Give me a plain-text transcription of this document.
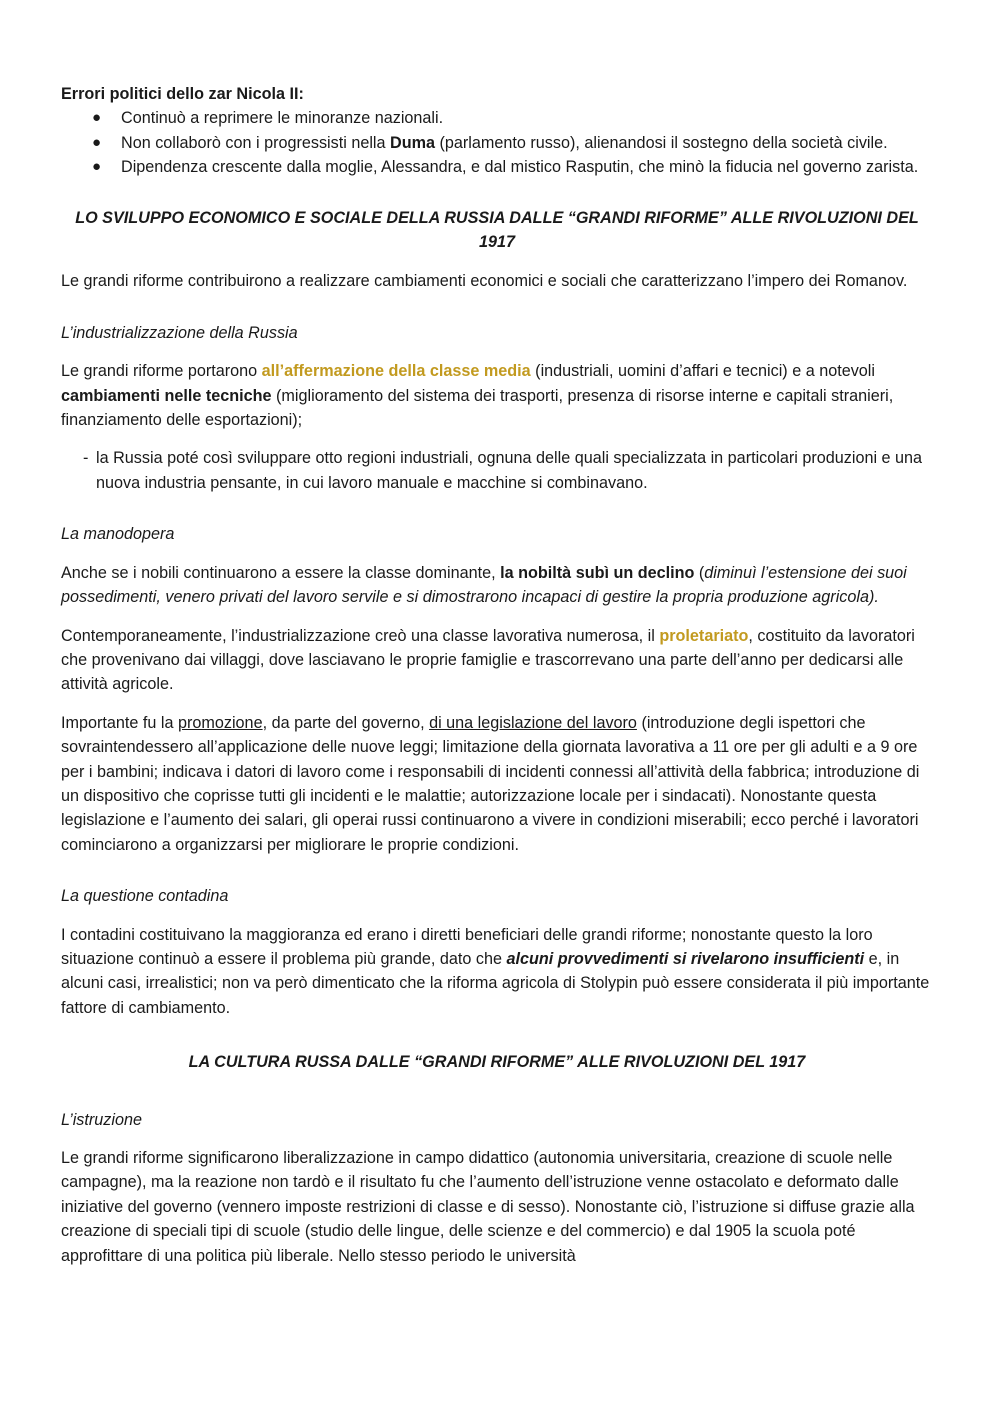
Errori politici dello zar Nicola II:

● Continuò a reprimere le minoranze nazionali.
● Non collaborò con i progressisti nella Duma (parlamento russo), alienandosi il sostegno della società civile.
● Dipendenza crescente dalla moglie, Alessandra, e dal mistico Rasputin, che minò la fiducia nel governo zarista.

LO SVILUPPO ECONOMICO E SOCIALE DELLA RUSSIA DALLE “GRANDI RIFORME” ALLE RIVOLUZIONI DEL 1917

Le grandi riforme contribuirono a realizzare cambiamenti economici e sociali che caratterizzano l’impero dei Romanov.

L’industrializzazione della Russia

Le grandi riforme portarono all’affermazione della classe media (industriali, uomini d’affari e tecnici) e a notevoli cambiamenti nelle tecniche (miglioramento del sistema dei trasporti, presenza di risorse interne e capitali stranieri, finanziamento delle esportazioni);

- la Russia poté così sviluppare otto regioni industriali, ognuna delle quali specializzata in particolari produzioni e una nuova industria pensante, in cui lavoro manuale e macchine si combinavano.

La manodopera

Anche se i nobili continuarono a essere la classe dominante, la nobiltà subì un declino (diminuì l’estensione dei suoi possedimenti, venero privati del lavoro servile e si dimostrarono incapaci di gestire la propria produzione agricola).

Contemporaneamente, l’industrializzazione creò una classe lavorativa numerosa, il proletariato, costituito da lavoratori che provenivano dai villaggi, dove lasciavano le proprie famiglie e trascorrevano una parte dell’anno per dedicarsi alle attività agricole.

Importante fu la promozione, da parte del governo, di una legislazione del lavoro (introduzione degli ispettori che sovraintendessero all’applicazione delle nuove leggi; limitazione della giornata lavorativa a 11 ore per gli adulti e a 9 ore per i bambini; indicava i datori di lavoro come i responsabili di incidenti connessi all’attività della fabbrica; introduzione di un dispositivo che coprisse tutti gli incidenti e le malattie; autorizzazione locale per i sindacati). Nonostante questa legislazione e l’aumento dei salari, gli operai russi continuarono a vivere in condizioni miserabili; ecco perché i lavoratori cominciarono a organizzarsi per migliorare le proprie condizioni.

La questione contadina

I contadini costituivano la maggioranza ed erano i diretti beneficiari delle grandi riforme; nonostante questo la loro situazione continuò a essere il problema più grande, dato che alcuni provvedimenti si rivelarono insufficienti e, in alcuni casi, irrealistici; non va però dimenticato che la riforma agricola di Stolypin può essere considerata il più importante fattore di cambiamento.

LA CULTURA RUSSA DALLE “GRANDI RIFORME” ALLE RIVOLUZIONI DEL 1917

L’istruzione

Le grandi riforme significarono liberalizzazione in campo didattico (autonomia universitaria, creazione di scuole nelle campagne), ma la reazione non tardò e il risultato fu che l’aumento dell’istruzione venne ostacolato e deformato dalle iniziative del governo (vennero imposte restrizioni di classe e di sesso). Nonostante ciò, l’istruzione si diffuse grazie alla creazione di speciali tipi di scuole (studio delle lingue, delle scienze e del commercio) e dal 1905 la scuola poté approfittare di una politica più liberale. Nello stesso periodo le università
